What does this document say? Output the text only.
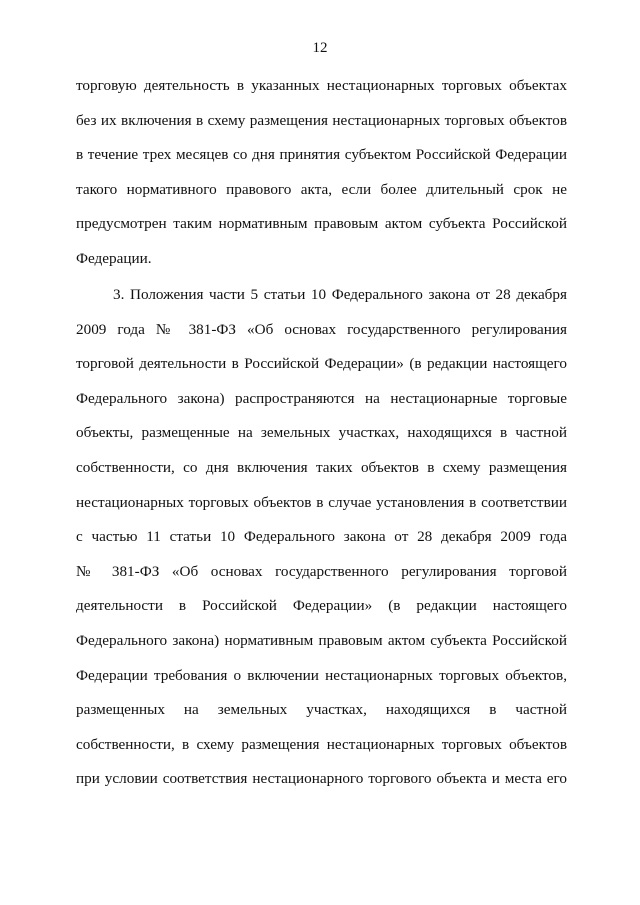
12
торговую деятельность в указанных нестационарных торговых объектах
без их включения в схему размещения нестационарных торговых объектов
в течение трех месяцев со дня принятия субъектом Российской Федерации
такого нормативного правового акта, если более длительный срок не
предусмотрен таким нормативным правовым актом субъекта Российской
Федерации.
3. Положения части 5 статьи 10 Федерального закона от 28 декабря
2009 года № 381-ФЗ «Об основах государственного регулирования
торговой деятельности в Российской Федерации» (в редакции настоящего
Федерального закона) распространяются на нестационарные торговые
объекты, размещенные на земельных участках, находящихся в частной
собственности, со дня включения таких объектов в схему размещения
нестационарных торговых объектов в случае установления в соответствии
с частью 11 статьи 10 Федерального закона от 28 декабря 2009 года
№ 381-ФЗ «Об основах государственного регулирования торговой
деятельности в Российской Федерации» (в редакции настоящего
Федерального закона) нормативным правовым актом субъекта Российской
Федерации требования о включении нестационарных торговых объектов,
размещенных на земельных участках, находящихся в частной
собственности, в схему размещения нестационарных торговых объектов
при условии соответствия нестационарного торгового объекта и места его
